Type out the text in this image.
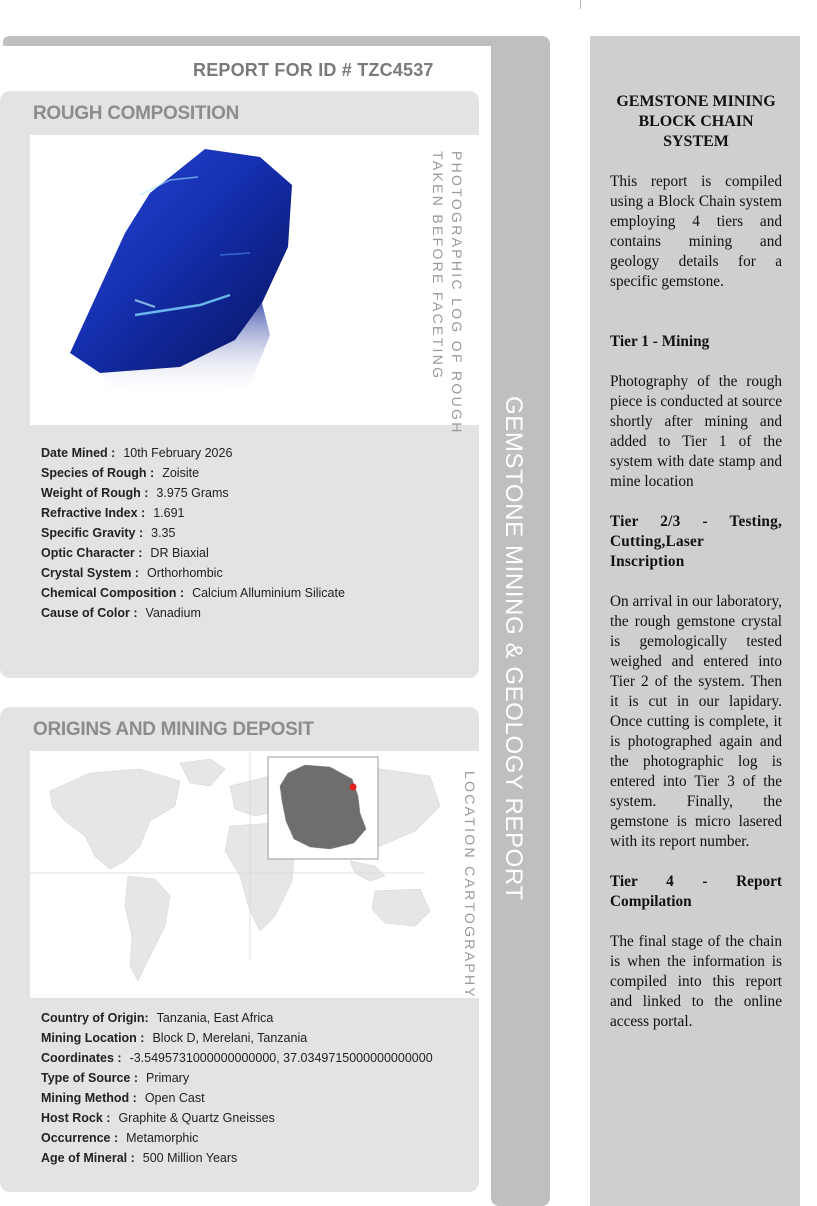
REPORT FOR ID # TZC4537
ROUGH COMPOSITION
PHOTOGRAPHIC LOG OF ROUGH
TAKEN BEFORE FACETING
Date Mined : 10th February 2026
Species of Rough : Zoisite
Weight of Rough : 3.975 Grams
Refractive Index : 1.691
Specific Gravity : 3.35
Optic Character : DR Biaxial
Crystal System : Orthorhombic
Chemical Composition : Calcium Alluminium Silicate
Cause of Color : Vanadium
ORIGINS AND MINING DEPOSIT
LOCATION CARTOGRAPHY
Country of Origin: Tanzania, East Africa
Mining Location : Block D, Merelani, Tanzania
Coordinates : -3.5495731000000000000, 37.0349715000000000000
Type of Source : Primary
Mining Method : Open Cast
Host Rock : Graphite & Quartz Gneisses
Occurrence : Metamorphic
Age of Mineral : 500 Million Years
GEMSTONE MINING & GEOLOGY REPORT
GEMSTONE MINING BLOCK CHAIN SYSTEM
This report is compiled using a Block Chain system employing 4 tiers and contains mining and geology details for a specific gemstone.
Tier 1 - Mining
Photography of the rough piece is conducted at source shortly after mining and added to Tier 1 of the system with date stamp and mine location
Tier 2/3 - Testing, Cutting,Laser Inscription
On arrival in our laboratory, the rough gemstone crystal is gemologically tested weighed and entered into Tier 2 of the system. Then it is cut in our lapidary. Once cutting is complete, it is photographed again and the photographic log is entered into Tier 3 of the system. Finally, the gemstone is micro lasered with its report number.
Tier 4 - Report Compilation
The final stage of the chain is when the information is compiled into this report and linked to the online access portal.
